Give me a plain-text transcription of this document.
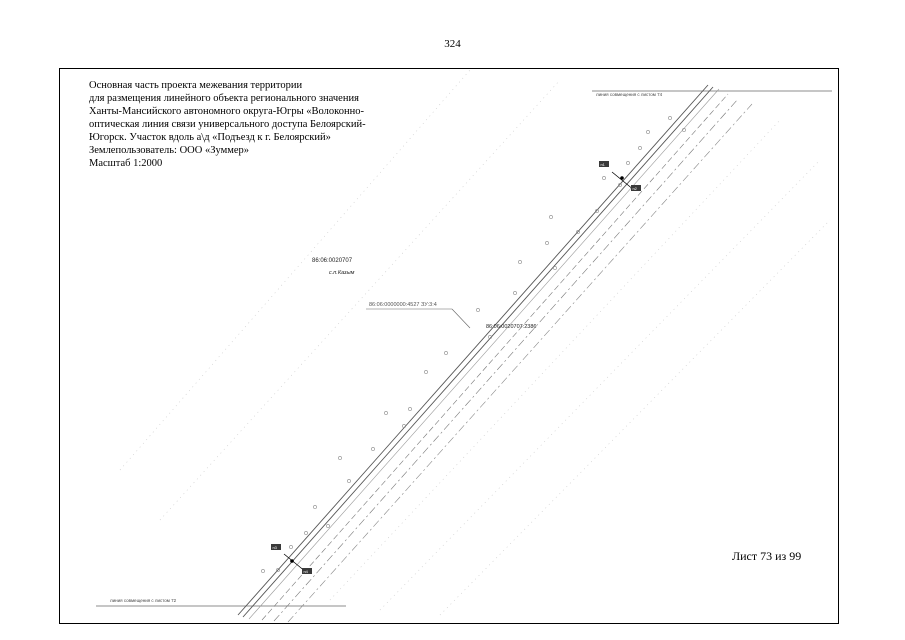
324
Основная часть проекта межевания территории
для размещения линейного объекта регионального значения
Ханты-Мансийского автономного округа-Югры «Волоконно-
оптическая линия связи универсального доступа Белоярский-
Югорск. Участок вдоль а\д «Подъезд к г. Белоярский»
Землепользователь: ООО «Зуммер»
Масштаб 1:2000
линия совмещения с листом 74
линия совмещения с листом 72
п1
п2
п3
п4
86:06:0020707
с.п.Казым
86:06:0000000:4527 ЗУ:3:4
86:06:0020707:2386
Лист 73 из 99
